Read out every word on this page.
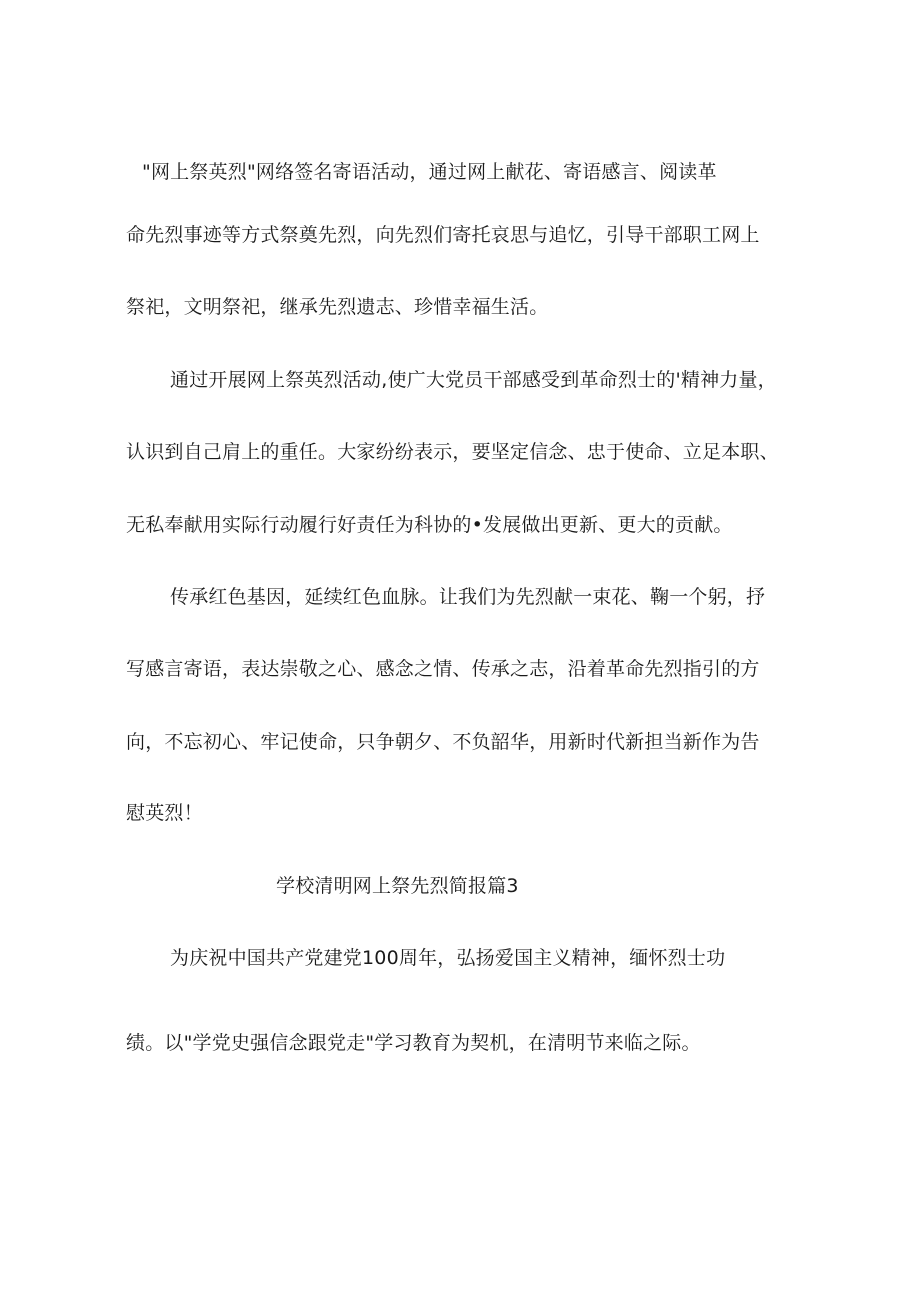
"网上祭英烈"网络签名寄语活动，通过网上献花、寄语感言、阅读革
命先烈事迹等方式祭奠先烈，向先烈们寄托哀思与追忆，引导干部职工网上
祭祀，文明祭祀，继承先烈遗志、珍惜幸福生活。
通过开展网上祭英烈活动,使广大党员干部感受到革命烈士的'精神力量，
认识到自己肩上的重任。大家纷纷表示，要坚定信念、忠于使命、立足本职、
无私奉献用实际行动履行好责任为科协的•发展做出更新、更大的贡献。
传承红色基因，延续红色血脉。让我们为先烈献一束花、鞠一个躬，抒
写感言寄语，表达崇敬之心、感念之情、传承之志，沿着革命先烈指引的方
向，不忘初心、牢记使命，只争朝夕、不负韶华，用新时代新担当新作为告
慰英烈！
学校清明网上祭先烈简报篇3
为庆祝中国共产党建党100周年，弘扬爱国主义精神，缅怀烈士功
绩。以"学党史强信念跟党走"学习教育为契机，在清明节来临之际。
